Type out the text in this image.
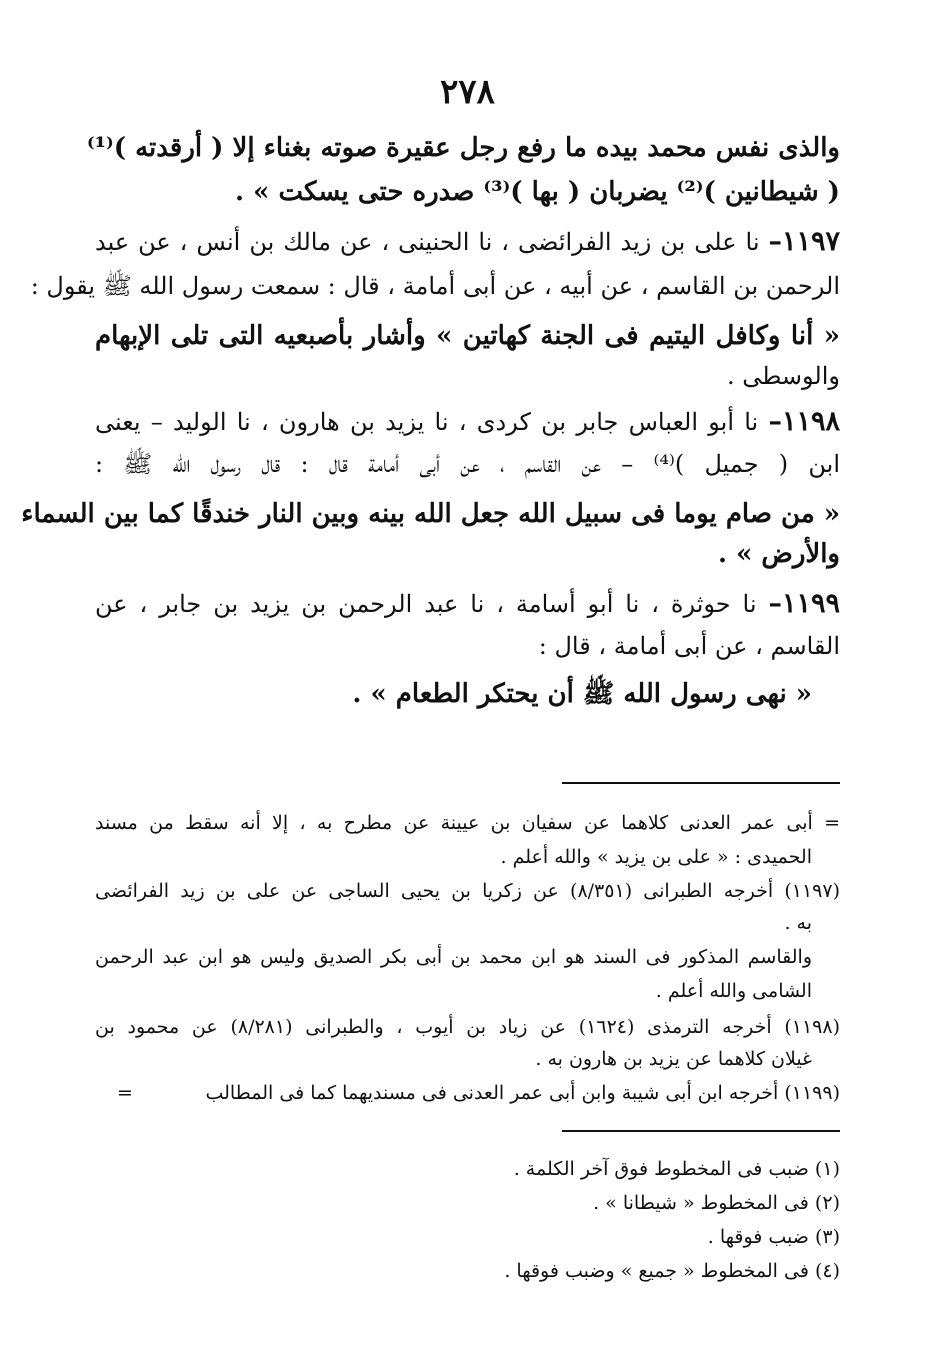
٢٧٨
والذى نفس محمد بيده ما رفع رجل عقيرة صوته بغناء إلا ( أرقدته )⁽¹⁾
( شيطانين )⁽²⁾ يضربان ( بها )⁽³⁾ صدره حتى يسكت » .
١١٩٧– نا على بن زيد الفرائضى ، نا الحنينى ، عن مالك بن أنس ، عن عبد
الرحمن بن القاسم ، عن أبيه ، عن أبى أمامة ، قال : سمعت رسول الله ﷺ يقول :
« أنا وكافل اليتيم فى الجنة كهاتين » وأشار بأصبعيه التى تلى الإبهام
والوسطى .
١١٩٨– نا أبو العباس جابر بن كردى ، نا يزيد بن هارون ، نا الوليد – يعنى
ابن ( جميل )⁽⁴⁾ – عن القاسم ، عن أبى أمامة قال : قال رسول الله ﷺ :
« من صام يوما فى سبيل الله جعل الله بينه وبين النار خندقًا كما بين السماء
والأرض » .
١١٩٩– نا حوثرة ، نا أبو أسامة ، نا عبد الرحمن بن يزيد بن جابر ، عن
القاسم ، عن أبى أمامة ، قال :
« نهى رسول الله ﷺ أن يحتكر الطعام » .
= أبى عمر العدنى كلاهما عن سفيان بن عيينة عن مطرح به ، إلا أنه سقط من مسند
الحميدى : « على بن يزيد » والله أعلم .
(١١٩٧) أخرجه الطبرانى (٨/٣٥١) عن زكريا بن يحيى الساجى عن على بن زيد الفرائضى
به .
والقاسم المذكور فى السند هو ابن محمد بن أبى بكر الصديق وليس هو ابن عبد الرحمن
الشامى والله أعلم .
(١١٩٨) أخرجه الترمذى (١٦٢٤) عن زياد بن أيوب ، والطبرانى (٨/٢٨١) عن محمود بن
غيلان كلاهما عن يزيد بن هارون به .
(١١٩٩) أخرجه ابن أبى شيبة وابن أبى عمر العدنى فى مسنديهما كما فى المطالب
=
(١) ضبب فى المخطوط فوق آخر الكلمة .
(٢) فى المخطوط « شيطانا » .
(٣) ضبب فوقها .
(٤) فى المخطوط « جميع » وضبب فوقها .
